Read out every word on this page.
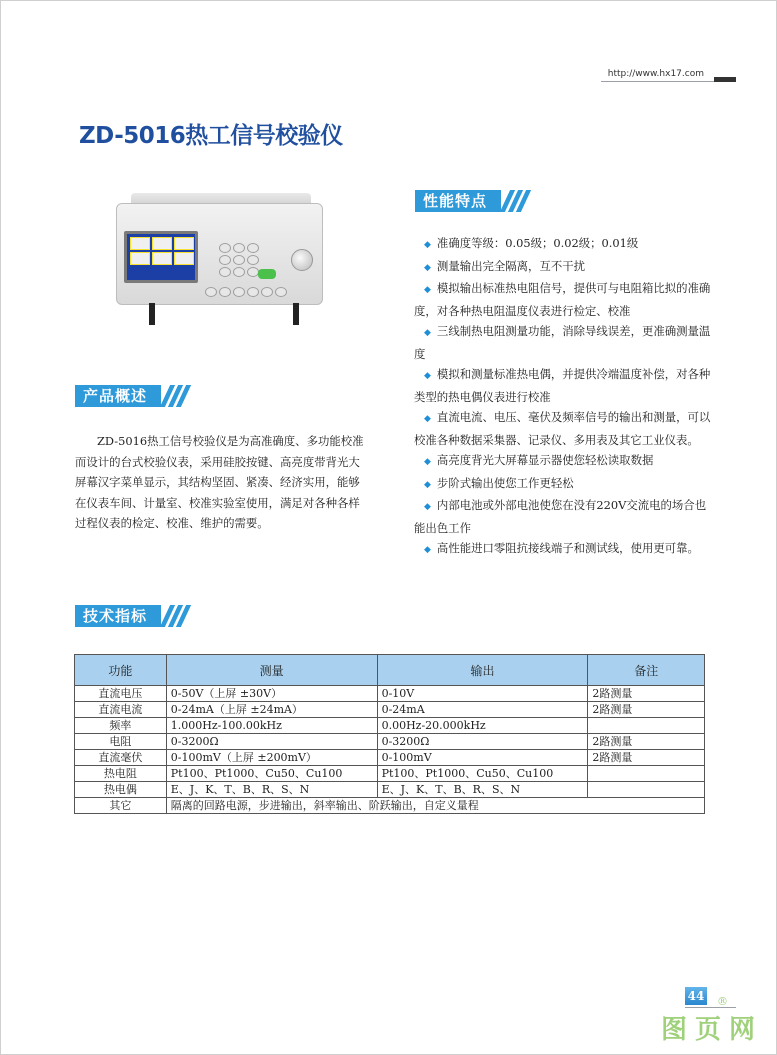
http://www.hx17.com
ZD-5016热工信号校验仪
性能特点

◆ 准确度等级：0.05级；0.02级；0.01级

◆ 测量输出完全隔离，互不干扰

◆ 模拟输出标准热电阻信号，提供可与电阻箱比拟的准确度，对各种热电阻温度仪表进行检定、校准

◆ 三线制热电阻测量功能，消除导线误差，更准确测量温度

◆ 模拟和测量标准热电偶，并提供冷端温度补偿，对各种类型的热电偶仪表进行校准

◆ 直流电流、电压、毫伏及频率信号的输出和测量，可以校准各种数据采集器、记录仪、多用表及其它工业仪表。

◆ 高亮度背光大屏幕显示器使您轻松读取数据

◆ 步阶式输出使您工作更轻松

◆ 内部电池或外部电池使您在没有220V交流电的场合也能出色工作

◆ 高性能进口零阻抗接线端子和测试线，使用更可靠。

产品概述

ZD-5016热工信号校验仪是为高准确度、多功能校准而设计的台式校验仪表，采用硅胶按键、高亮度带背光大屏幕汉字菜单显示，其结构坚固、紧凑、经济实用，能够在仪表车间、计量室、校准实验室使用，满足对各种各样过程仪表的检定、校准、维护的需要。

技术指标
功能	测量	输出	备注
直流电压	0-50V（上屏 ±30V）	0-10V	2路测量
直流电流	0-24mA（上屏 ±24mA）	0-24mA	2路测量
频率	1.000Hz-100.00kHz	0.00Hz-20.000kHz	
电阻	0-3200Ω	0-3200Ω	2路测量
直流毫伏	0-100mV（上屏 ±200mV）	0-100mV	2路测量
热电阻	Pt100、Pt1000、Cu50、Cu100	Pt100、Pt1000、Cu50、Cu100	
热电偶	E、J、K、T、B、R、S、N	E、J、K、T、B、R、S、N	
其它	隔离的回路电源，步进输出，斜率输出、阶跃输出，自定义量程		
44 ®
图页网
